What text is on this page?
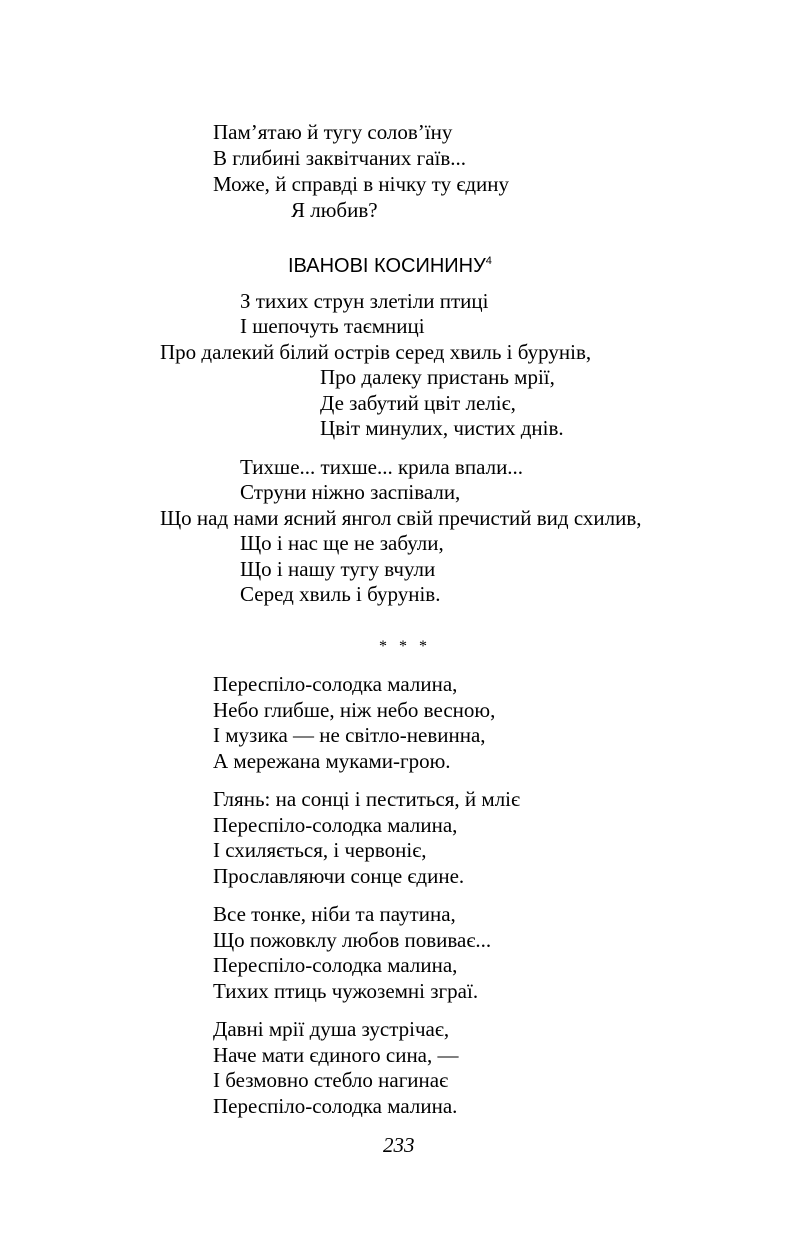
Пам’ятаю й тугу солов’їну
В глибині заквітчаних гаїв...
Може, й справді в нічку ту єдину
Я любив?
ІВАНОВІ КОСИНИНУ$^4$
З тихих струн злетіли птиці
І шепочуть таємниці
Про далекий білий острів серед хвиль і бурунів,
Про далеку пристань мрії,
Де забутий цвіт леліє,
Цвіт минулих, чистих днів.
Тихше... тихше... крила впали...
Струни ніжно заспівали,
Що над нами ясний янгол свій пречистий вид схилив,
Що і нас ще не забули,
Що і нашу тугу вчули
Серед хвиль і бурунів.
* * *
Переспіло-солодка малина,
Небо глибше, ніж небо весною,
І музика — не світло-невинна,
А мережана муками-грою.
Глянь: на сонці і пеститься, й мліє
Переспіло-солодка малина,
І схиляється, і червоніє,
Прославляючи сонце єдине.
Все тонке, ніби та паутина,
Що пожовклу любов повиває...
Переспіло-солодка малина,
Тихих птиць чужоземні зграї.
Давні мрії душа зустрічає,
Наче мати єдиного сина, —
І безмовно стебло нагинає
Переспіло-солодка малина.
233
